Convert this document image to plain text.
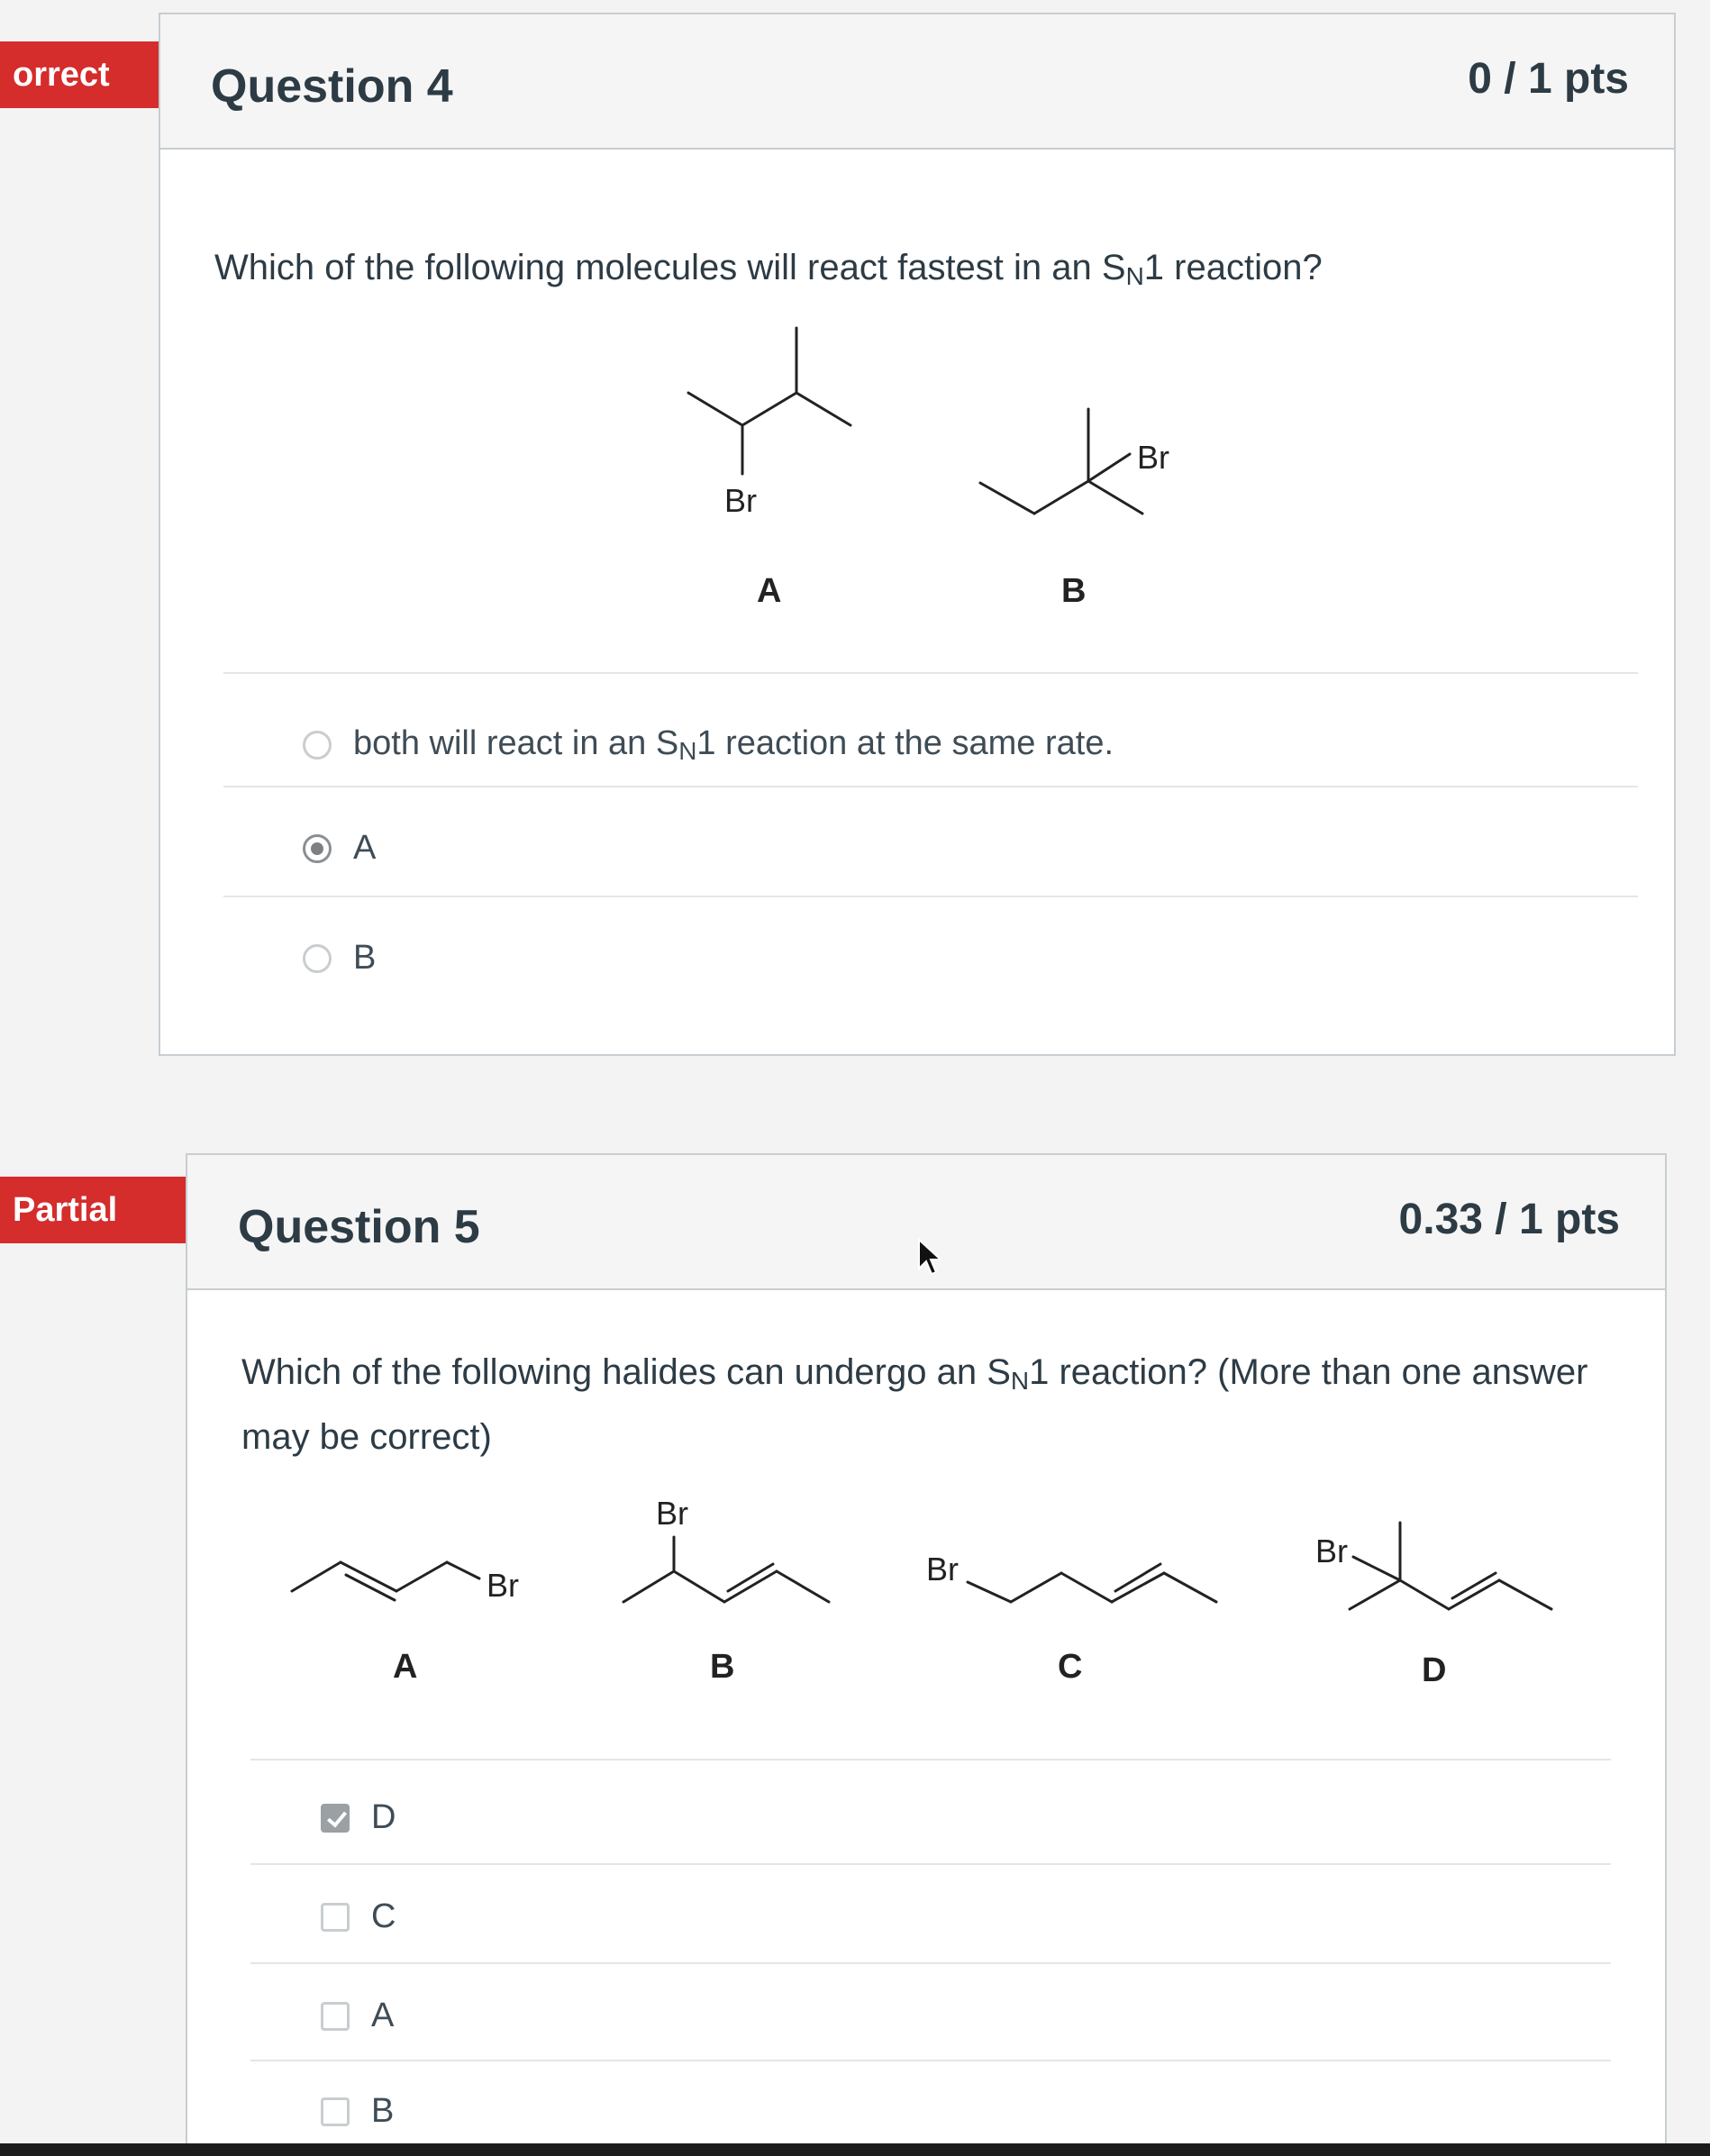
orrect	Question 4	0 / 1 pts
Which of the following molecules will react fastest in an $S_N1$ reaction?
Br
Br
A	B
both will react in an $S_N1$ reaction at the same rate.
A
B
Partial	Question 5	0.33 / 1 pts
Which of the following halides can undergo an $S_N1$ reaction? (More than one answer may be correct)
Br
Br
Br	Br
A	B	C	D
D
C
A
B
